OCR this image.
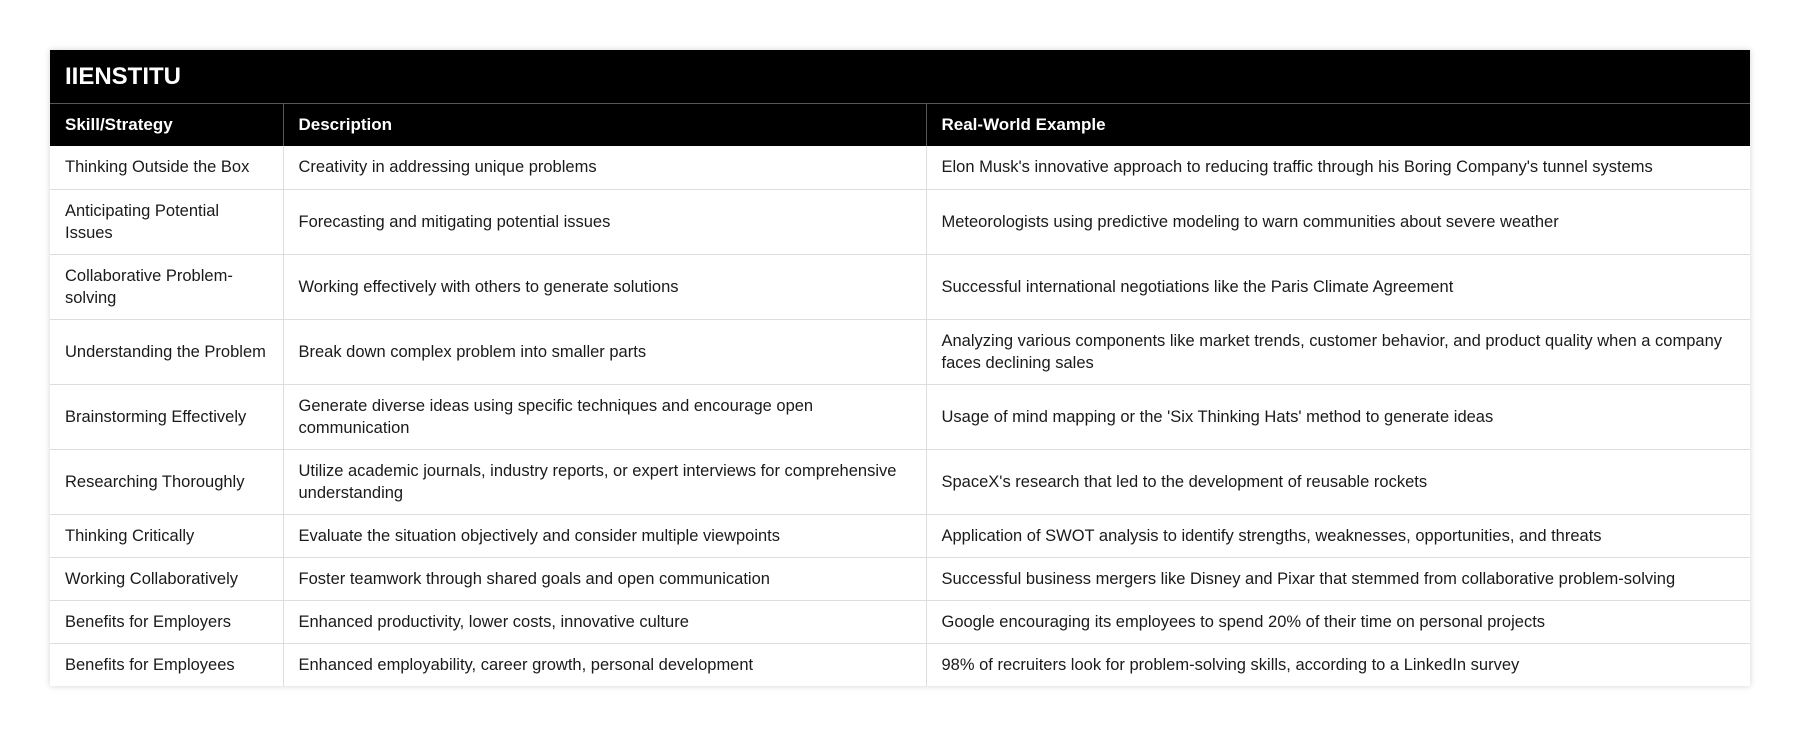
IIENSTITU
Skill/Strategy	Description	Real-World Example
Thinking Outside the Box	Creativity in addressing unique problems	Elon Musk's innovative approach to reducing traffic through his Boring Company's tunnel systems
Anticipating Potential Issues	Forecasting and mitigating potential issues	Meteorologists using predictive modeling to warn communities about severe weather
Collaborative Problem-solving	Working effectively with others to generate solutions	Successful international negotiations like the Paris Climate Agreement
Understanding the Problem	Break down complex problem into smaller parts	Analyzing various components like market trends, customer behavior, and product quality when a company faces declining sales
Brainstorming Effectively	Generate diverse ideas using specific techniques and encourage open communication	Usage of mind mapping or the 'Six Thinking Hats' method to generate ideas
Researching Thoroughly	Utilize academic journals, industry reports, or expert interviews for comprehensive understanding	SpaceX's research that led to the development of reusable rockets
Thinking Critically	Evaluate the situation objectively and consider multiple viewpoints	Application of SWOT analysis to identify strengths, weaknesses, opportunities, and threats
Working Collaboratively	Foster teamwork through shared goals and open communication	Successful business mergers like Disney and Pixar that stemmed from collaborative problem-solving
Benefits for Employers	Enhanced productivity, lower costs, innovative culture	Google encouraging its employees to spend 20% of their time on personal projects
Benefits for Employees	Enhanced employability, career growth, personal development	98% of recruiters look for problem-solving skills, according to a LinkedIn survey
